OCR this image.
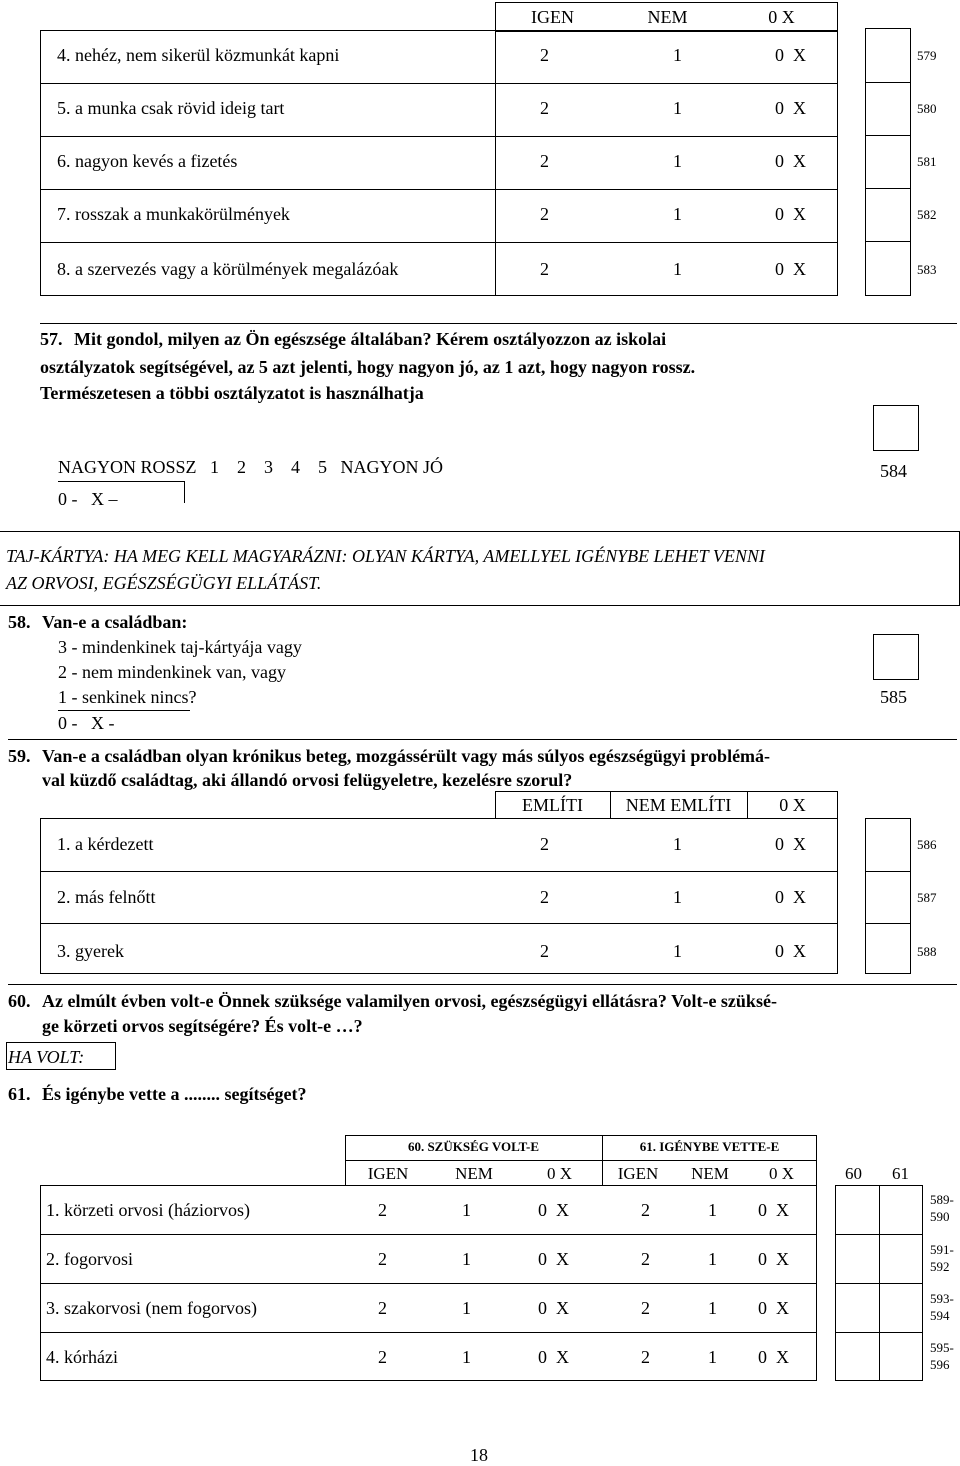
IGEN	NEM	0 X
4. nehéz, nem sikerül közmunkát kapni	2	1	0  X
5. a munka csak rövid ideig tart	2	1	0  X
6. nagyon kevés a fizetés	2	1	0  X
7. rosszak a munkakörülmények	2	1	0  X
8. a szervezés vagy a körülmények megalázóak	2	1	0  X
579
580
581
582
583
57. Mit gondol, milyen az Ön egészsége általában? Kérem osztályozzon az iskolai
osztályzatok segítségével, az 5 azt jelenti, hogy nagyon jó, az 1 azt, hogy nagyon rossz.
Természetesen a többi osztályzatot is használhatja
584
NAGYON ROSSZ   1    2    3    4    5   NAGYON JÓ
0 -   X –
TAJ-KÁRTYA: HA MEG KELL MAGYARÁZNI: OLYAN KÁRTYA, AMELLYEL IGÉNYBE LEHET VENNI
AZ ORVOSI, EGÉSZSÉGÜGYI ELLÁTÁST.
58. Van-e a családban:
3 - mindenkinek taj-kártyája vagy
2 - nem mindenkinek van, vagy
1 - senkinek nincs?
0 -   X -
585
59. Van-e a családban olyan krónikus beteg, mozgássérült vagy más súlyos egészségügyi problémá-
val küzdő családtag, aki állandó orvosi felügyeletre, kezelésre szorul?
EMLÍTI	NEM EMLÍTI	0 X
1. a kérdezett	2	1	0  X
2. más felnőtt	2	1	0  X
3. gyerek	2	1	0  X
586
587
588
60. Az elmúlt évben volt-e Önnek szüksége valamilyen orvosi, egészségügyi ellátásra? Volt-e szüksé-
ge körzeti orvos segítségére? És volt-e …?
HA VOLT:
61. És igénybe vette a ........ segítséget?
60. SZÜKSÉG VOLT-E	61. IGÉNYBE VETTE-E
IGEN	NEM	0 X	IGEN	NEM	0 X	60 61
1. körzeti orvosi (háziorvos)	2	1	0  X	2	1 0  X
2. fogorvosi	2	1	0  X	2	1 0  X
3. szakorvosi (nem fogorvos)	2	1	0  X	2	1 0  X
4. kórházi	2	1	0  X	2	1 0  X
589-
590
591-
592
593-
594
595-
596
18
